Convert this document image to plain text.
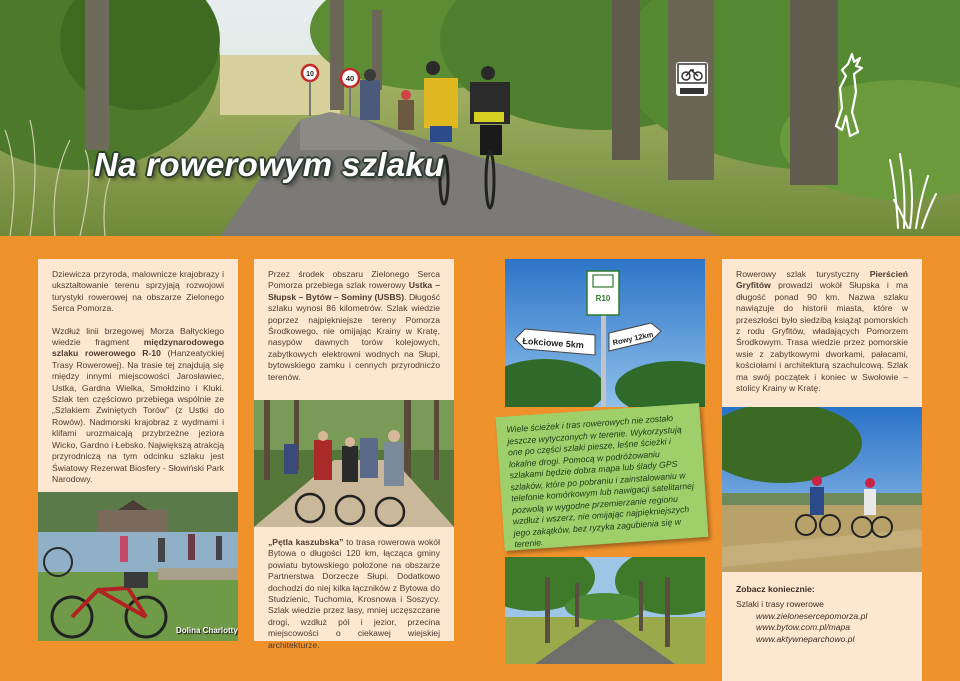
10	40
Na rowerowym szlaku

Dziewicza przyroda, malownicze krajobrazy i ukształtowanie terenu sprzyjają rozwojowi turystyki rowerowej na obszarze Zielonego Serca Pomorza.

Wzdłuż linii brzegowej Morza Bałtyckiego wiedzie fragment międzynarodowego szlaku rowerowego R-10 (Hanzeatyckiej Trasy Rowerowej). Na trasie tej znajdują się między innymi miejscowości Jarosławiec, Ustka, Gardna Wielka, Smołdzino i Kluki. Szlak ten częściowo przebiega wspólnie ze „Szlakiem Zwiniętych Torów” (z Ustki do Rowów). Nadmorski krajobraz z wydmami i klifami urozmaicają przybrzeżne jeziora Wicko, Gardno i Łebsko. Największą atrakcją przyrodniczą na tym odcinku szlaku jest Światowy Rezerwat Biosfery - Słowiński Park Narodowy.

Dolina Charlotty

Przez środek obszaru Zielonego Serca Pomorza przebiega szlak rowerowy Ustka – Słupsk – Bytów – Sominy (USBS). Długość szlaku wynosi 86 kilometrów. Szlak wiedzie poprzez najpiękniejsze tereny Pomorza Środkowego, nie omijając Krainy w Kratę, nasypów dawnych torów kolejowych, zabytkowych elektrowni wodnych na Słupi, bytowskiego zamku i cennych przyrodniczo terenów.

„Pętla kaszubska” to trasa rowerowa wokół Bytowa o długości 120 km, łącząca gminy powiatu bytowskiego położone na obszarze Partnerstwa Dorzecze Słupi. Dodatkowo dochodzi do niej kilka łączników z Bytowa do Studzienic, Tuchomia, Krosnowa i Soszycy. Szlak wiedzie przez lasy, mniej uczęszczane drogi, wzdłuż pól i jezior, przecina miejscowości o ciekawej wiejskiej architekturze.

R10
Łokciowe 5km	Rowy 12km
Wiele ścieżek i tras rowerowych nie zostało jeszcze wytyczonych w terenie. Wykorzystują one po części szlaki piesze, leśne ścieżki i lokalne drogi. Pomocą w podróżowaniu szlakami będzie dobra mapa lub ślady GPS szlaków, które po pobraniu i zainstalowaniu w telefonie komórkowym lub nawigacji satelitarnej pozwolą w wygodne przemierzanie regionu wzdłuż i wszerz, nie omijając najpiękniejszych jego zakątków, bez ryzyka zagubienia się w terenie.

Rowerowy szlak turystyczny Pierścień Gryfitów prowadzi wokół Słupska i ma długość ponad 90 km. Nazwa szlaku nawiązuje do historii miasta, które w przeszłości było siedzibą książąt pomorskich z rodu Gryfitów, władających Pomorzem Środkowym. Trasa wiedzie przez pomorskie wsie z zabytkowymi dworkami, pałacami, kościołami i architekturą szachulcową. Szlak ma swój początek i koniec w Swołowie – stolicy Krainy w Kratę.

Zobacz koniecznie:
Szlaki i trasy rowerowe
www.zielonesercepomorza.pl
www.bytow.com.pl/mapa
www.aktywneparchowo.pl
